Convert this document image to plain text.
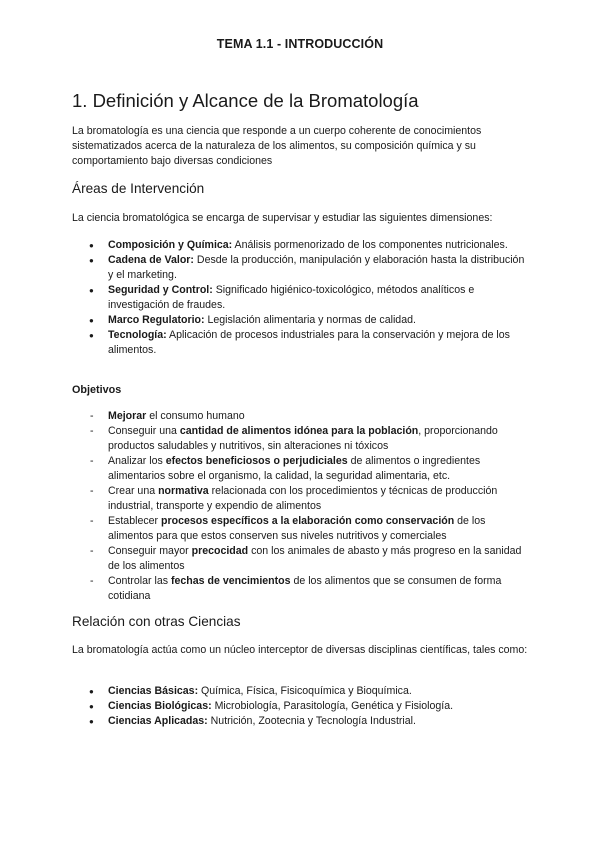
TEMA 1.1 - INTRODUCCIÓN
1. Definición y Alcance de la Bromatología

La bromatología es una ciencia que responde a un cuerpo coherente de conocimientos sistematizados acerca de la naturaleza de los alimentos, su composición química y su comportamiento bajo diversas condiciones

Áreas de Intervención

La ciencia bromatológica se encarga de supervisar y estudiar las siguientes dimensiones:

● Composición y Química: Análisis pormenorizado de los componentes nutricionales.
● Cadena de Valor: Desde la producción, manipulación y elaboración hasta la distribución y el marketing.
● Seguridad y Control: Significado higiénico-toxicológico, métodos analíticos e investigación de fraudes.
● Marco Regulatorio: Legislación alimentaria y normas de calidad.
● Tecnología: Aplicación de procesos industriales para la conservación y mejora de los alimentos.
Objetivos
- Mejorar el consumo humano
- Conseguir una cantidad de alimentos idónea para la población, proporcionando productos saludables y nutritivos, sin alteraciones ni tóxicos
- Analizar los efectos beneficiosos o perjudiciales de alimentos o ingredientes alimentarios sobre el organismo, la calidad, la seguridad alimentaria, etc.
- Crear una normativa relacionada con los procedimientos y técnicas de producción industrial, transporte y expendio de alimentos
- Establecer procesos específicos a la elaboración como conservación de los alimentos para que estos conserven sus niveles nutritivos y comerciales
- Conseguir mayor precocidad con los animales de abasto y más progreso en la sanidad de los alimentos
- Controlar las fechas de vencimientos de los alimentos que se consumen de forma cotidiana
Relación con otras Ciencias

La bromatología actúa como un núcleo interceptor de diversas disciplinas científicas, tales como:

● Ciencias Básicas: Química, Física, Fisicoquímica y Bioquímica.
● Ciencias Biológicas: Microbiología, Parasitología, Genética y Fisiología.
● Ciencias Aplicadas: Nutrición, Zootecnia y Tecnología Industrial.
